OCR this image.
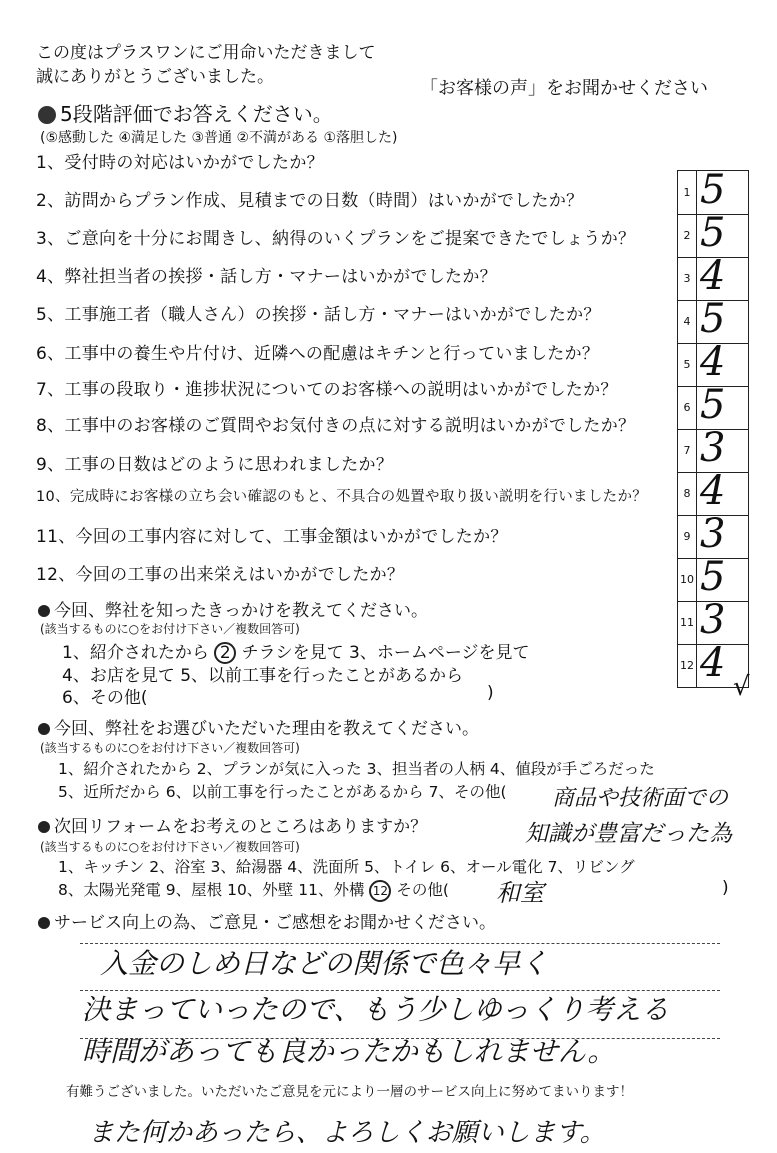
この度はプラスワンにご用命いただきまして
誠にありがとうございました。
「お客様の声」をお聞かせください
5段階評価でお答えください。
(⑤感動した ④満足した ③普通 ②不満がある ①落胆した)
1、受付時の対応はいかがでしたか？
2、訪問からプラン作成、見積までの日数（時間）はいかがでしたか？
3、ご意向を十分にお聞きし、納得のいくプランをご提案できたでしょうか？
4、弊社担当者の挨拶・話し方・マナーはいかがでしたか？
5、工事施工者（職人さん）の挨拶・話し方・マナーはいかがでしたか？
6、工事中の養生や片付け、近隣への配慮はキチンと行っていましたか？
7、工事の段取り・進捗状況についてのお客様への説明はいかがでしたか？
8、工事中のお客様のご質問やお気付きの点に対する説明はいかがでしたか？
9、工事の日数はどのように思われましたか？
10、完成時にお客様の立ち会い確認のもと、不具合の処置や取り扱い説明を行いましたか？
11、今回の工事内容に対して、工事金額はいかがでしたか？
12、今回の工事の出来栄えはいかがでしたか？
1 5
2 5
3 4
4 5
5 4
6 5
7 3
8 4
9 3
10 5
11 3
12 4
√
今回、弊社を知ったきっかけを教えてください。
(該当するものに○をお付け下さい／複数回答可)
1、紹介されたから 2 チラシを見て 3、ホームページを見て
4、お店を見て 5、以前工事を行ったことがあるから
6、その他(	)
今回、弊社をお選びいただいた理由を教えてください。
(該当するものに○をお付け下さい／複数回答可)
1、紹介されたから 2、プランが気に入った 3、担当者の人柄 4、値段が手ごろだった
5、近所だから 6、以前工事を行ったことがあるから 7、その他( 商品や技術面での
知識が豊富だった為
次回リフォームをお考えのところはありますか？
(該当するものに○をお付け下さい／複数回答可)
1、キッチン 2、浴室 3、給湯器 4、洗面所 5、トイレ 6、オール電化 7、リビング
8、太陽光発電 9、屋根 10、外壁 11、外構 12 その他( 和室	)
サービス向上の為、ご意見・ご感想をお聞かせください。
入金のしめ日などの関係で色々早く
決まっていったので、もう少しゆっくり考える
時間があっても良かったかもしれません。
有難うございました。いただいたご意見を元により一層のサービス向上に努めてまいります！
また何かあったら、よろしくお願いします。
